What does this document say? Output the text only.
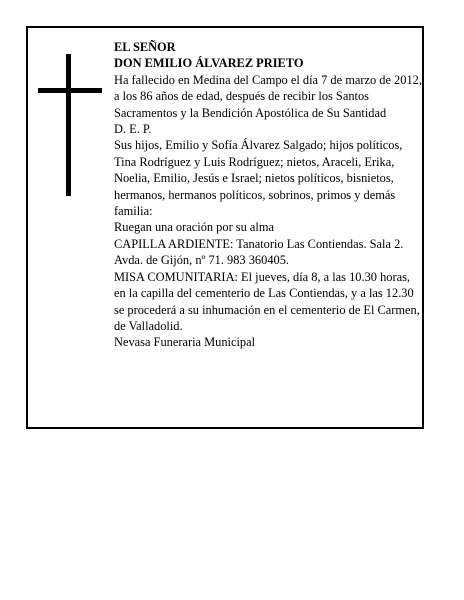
EL SEÑOR

DON EMILIO ÁLVAREZ PRIETO

Ha fallecido en Medina del Campo el día 7 de marzo de 2012, a los 86 años de edad, después de recibir los Santos Sacramentos y la Bendición Apostólica de Su Santidad

D. E. P.

Sus hijos, Emilio y Sofía Álvarez Salgado; hijos políticos, Tina Rodríguez y Luis Rodríguez; nietos, Araceli, Erika, Noelia, Emilio, Jesús e Israel; nietos políticos, bisnietos, hermanos, hermanos políticos, sobrinos, primos y demás familia:

Ruegan una oración por su alma

CAPILLA ARDIENTE: Tanatorio Las Contiendas. Sala 2. Avda. de Gijón, nº 71. 983 360405.

MISA COMUNITARIA: El jueves, día 8, a las 10.30 horas, en la capilla del cementerio de Las Contiendas, y a las 12.30 se procederá a su inhumación en el cementerio de El Carmen, de Valladolid.

Nevasa Funeraria Municipal
